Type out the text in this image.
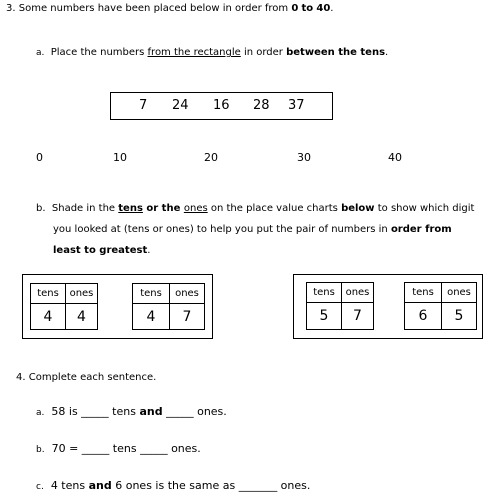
3. Some numbers have been placed below in order from 0 to 40.
a. Place the numbers from the rectangle in order between the tens.
7 24 16 28 37
0	10	20	30	40
b. Shade in the tens or the ones on the place value charts below to show which digit
you looked at (tens or ones) to help you put the pair of numbers in order from
least to greatest.
tens	ones
4	4
tens	ones
4	7
tens	ones
5	7
tens	ones
6	5
4. Complete each sentence.
a. 58 is _____ tens and _____ ones.
b. 70 = _____ tens _____ ones.
c. 4 tens and 6 ones is the same as _______ ones.
